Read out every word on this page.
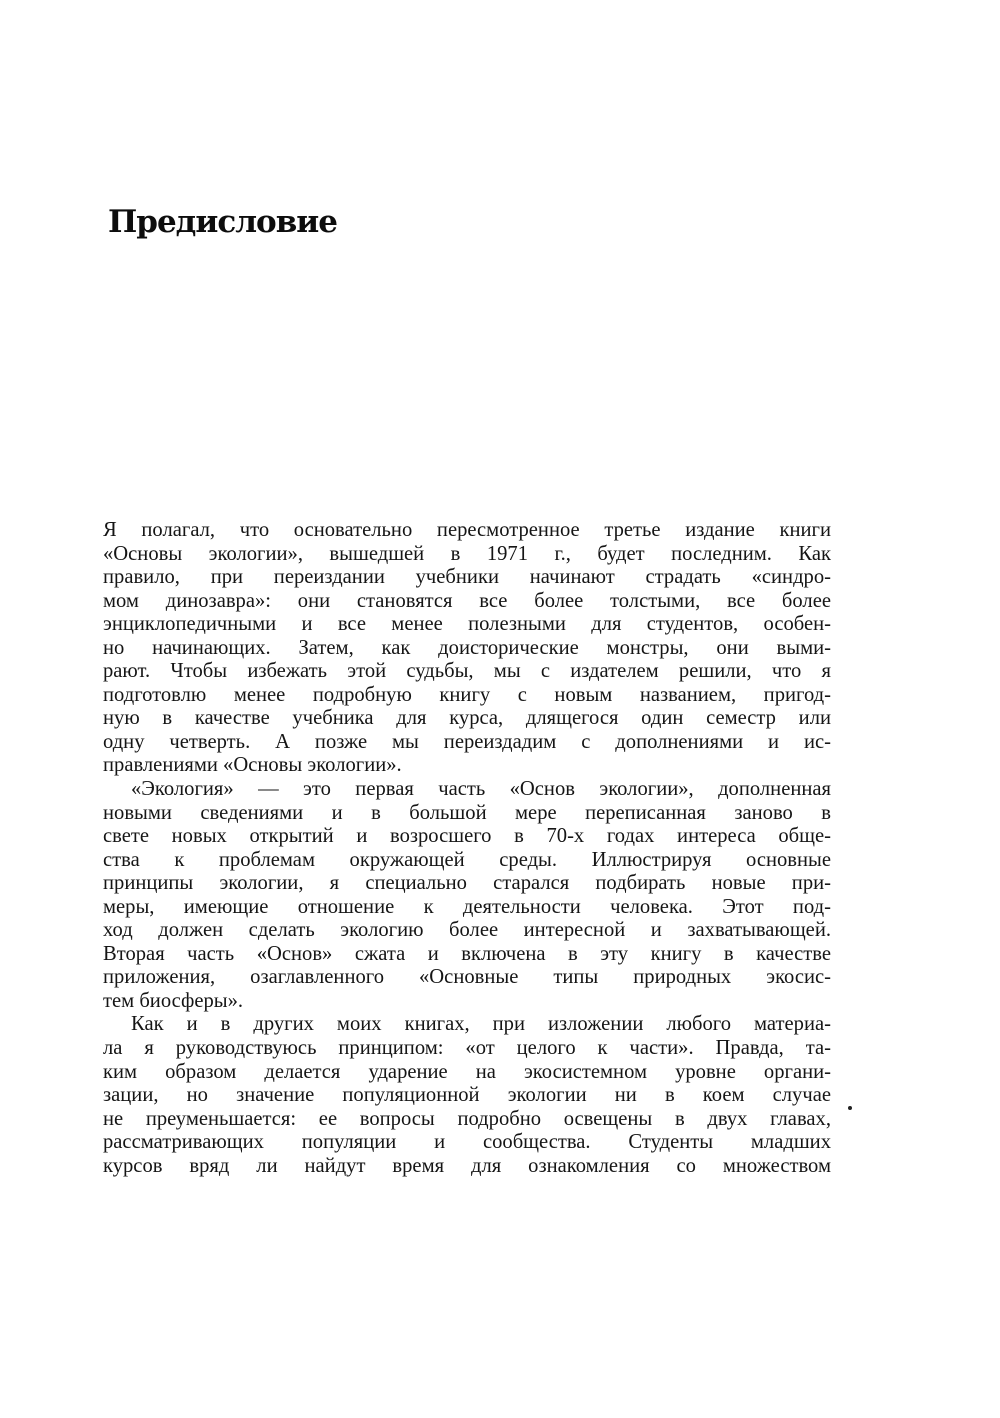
Предисловие
Я полагал, что основательно пересмотренное третье издание книги
«Основы экологии», вышедшей в 1971 г., будет последним. Как
правило, при переиздании учебники начинают страдать «синдро-
мом динозавра»: они становятся все более толстыми, все более
энциклопедичными и все менее полезными для студентов, особен-
но начинающих. Затем, как доисторические монстры, они выми-
рают. Чтобы избежать этой судьбы, мы с издателем решили, что я
подготовлю менее подробную книгу с новым названием, пригод-
ную в качестве учебника для курса, длящегося один семестр или
одну четверть. А позже мы переиздадим с дополнениями и ис-
правлениями «Основы экологии».
«Экология» — это первая часть «Основ экологии», дополненная
новыми сведениями и в большой мере переписанная заново в
свете новых открытий и возросшего в 70-х годах интереса обще-
ства к проблемам окружающей среды. Иллюстрируя основные
принципы экологии, я специально старался подбирать новые при-
меры, имеющие отношение к деятельности человека. Этот под-
ход должен сделать экологию более интересной и захватывающей.
Вторая часть «Основ» сжата и включена в эту книгу в качестве
приложения, озаглавленного «Основные типы природных экосис-
тем биосферы».
Как и в других моих книгах, при изложении любого материа-
ла я руководствуюсь принципом: «от целого к части». Правда, та-
ким образом делается ударение на экосистемном уровне органи-
зации, но значение популяционной экологии ни в коем случае
не преуменьшается: ее вопросы подробно освещены в двух главах,
рассматривающих популяции и сообщества. Студенты младших
курсов вряд ли найдут время для ознакомления со множеством
